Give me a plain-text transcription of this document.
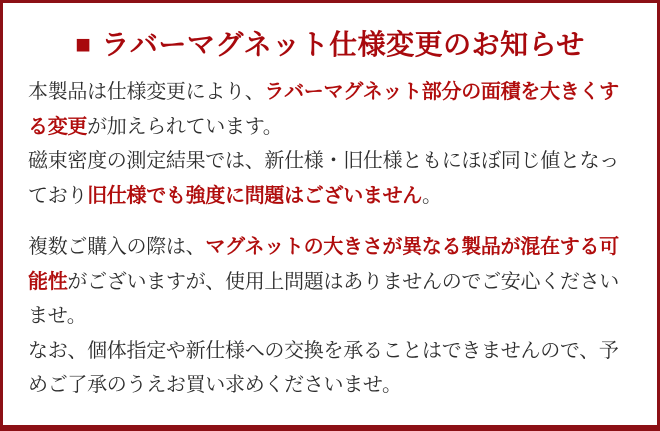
■ ラバーマグネット仕様変更のお知らせ

本製品は仕様変更により、ラバーマグネット部分の面積を大きくする変更が加えられています。

磁束密度の測定結果では、新仕様・旧仕様ともにほぼ同じ値となっており旧仕様でも強度に問題はございません。

複数ご購入の際は、マグネットの大きさが異なる製品が混在する可能性がございますが、使用上問題はありませんのでご安心くださいませ。

なお、個体指定や新仕様への交換を承ることはできませんので、予めご了承のうえお買い求めくださいませ。
